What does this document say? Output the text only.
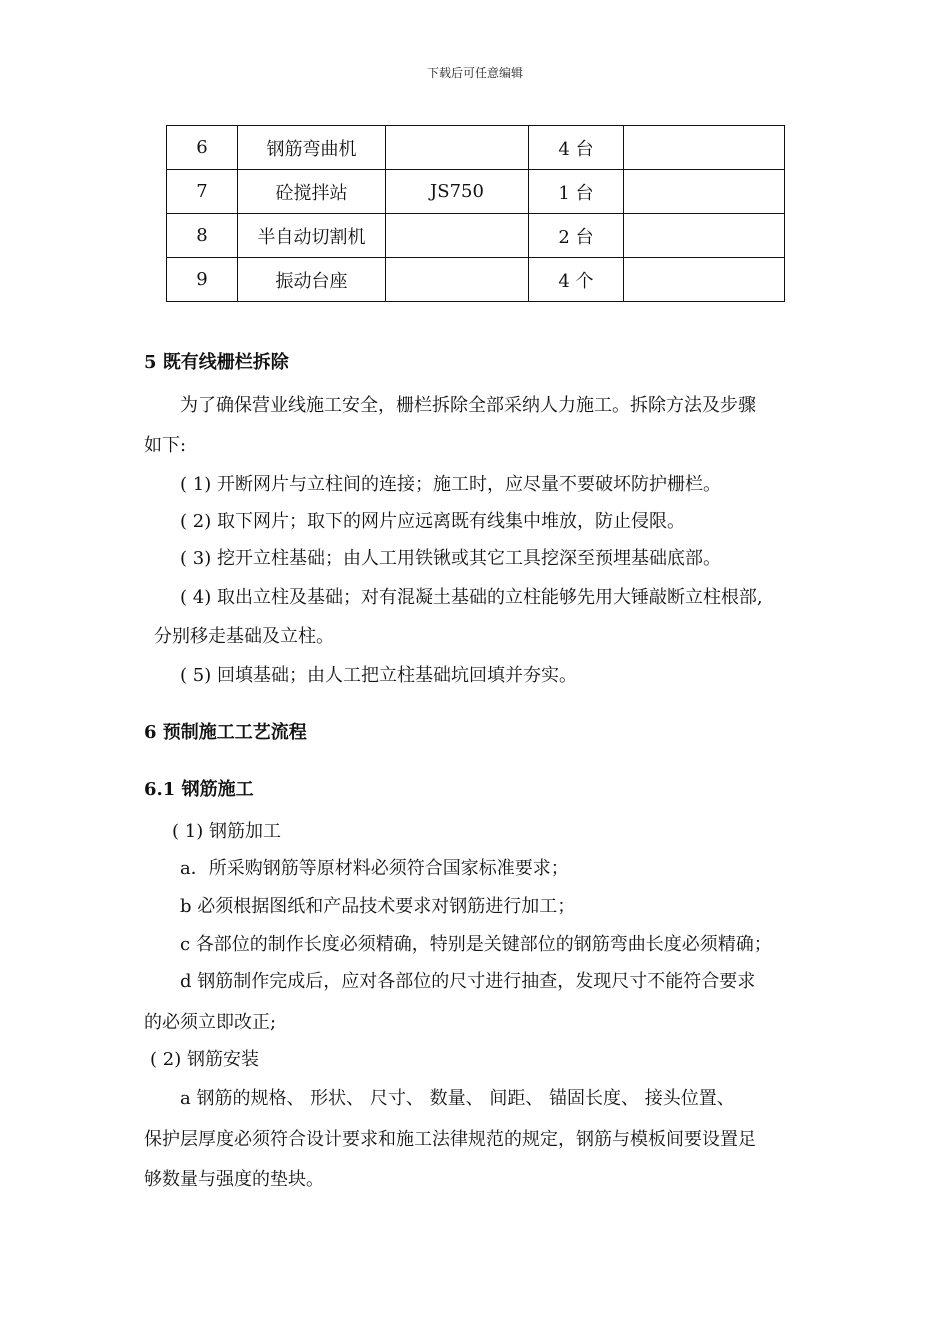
下载后可任意编辑
6	钢筋弯曲机		4 台	
7	砼搅拌站	JS750	1 台	
8	半自动切割机		2 台	
9	振动台座		4 个	
5 既有线栅栏拆除
为了确保营业线施工安全，栅栏拆除全部采纳人力施工。拆除方法及步骤
如下:
( 1) 开断网片与立柱间的连接；施工时，应尽量不要破坏防护栅栏。
( 2) 取下网片；取下的网片应远离既有线集中堆放，防止侵限。
( 3) 挖开立柱基础；由人工用铁锹或其它工具挖深至预埋基础底部。
( 4) 取出立柱及基础；对有混凝土基础的立柱能够先用大锤敲断立柱根部,
分别移走基础及立柱。
( 5) 回填基础；由人工把立柱基础坑回填并夯实。
6 预制施工工艺流程
6.1 钢筋施工
( 1) 钢筋加工
a．所采购钢筋等原材料必须符合国家标准要求；
b 必须根据图纸和产品技术要求对钢筋进行加工；
c 各部位的制作长度必须精确，特别是关键部位的钢筋弯曲长度必须精确；
d 钢筋制作完成后，应对各部位的尺寸进行抽查，发现尺寸不能符合要求
的必须立即改正;
( 2) 钢筋安装
a 钢筋的规格、 形状、 尺寸、 数量、 间距、 锚固长度、 接头位置、
保护层厚度必须符合设计要求和施工法律规范的规定，钢筋与模板间要设置足
够数量与强度的垫块。
